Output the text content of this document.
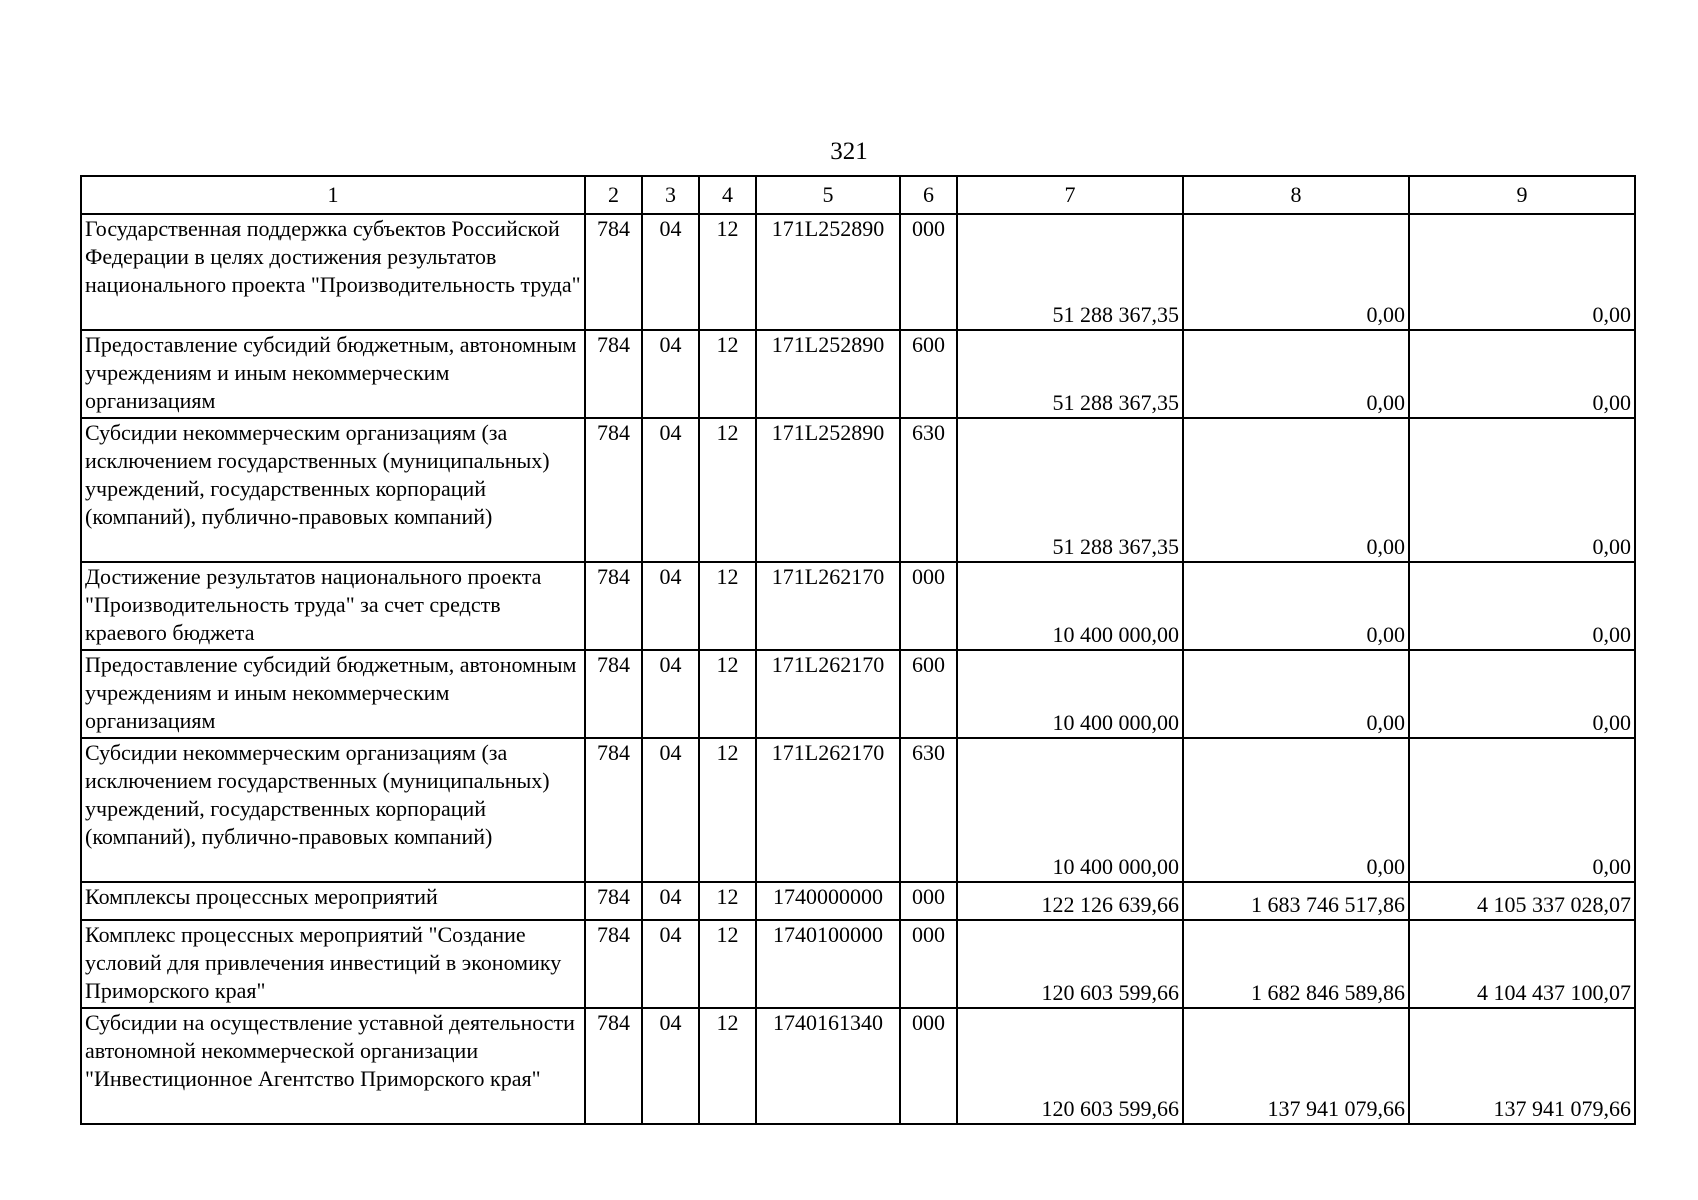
321
1	2	3	4	5	6	7	8	9
Государственная поддержка субъектов Российской Федерации в целях достижения результатов национального проекта "Производительность труда"	784	04	12	171L252890	000	51 288 367,35	0,00	0,00
Предоставление субсидий бюджетным, автономным учреждениям и иным некоммерческим организациям	784	04	12	171L252890	600	51 288 367,35	0,00	0,00
Субсидии некоммерческим организациям (за исключением государственных (муниципальных) учреждений, государственных корпораций (компаний), публично-правовых компаний)	784	04	12	171L252890	630	51 288 367,35	0,00	0,00
Достижение результатов национального проекта "Производительность труда" за счет средств краевого бюджета	784	04	12	171L262170	000	10 400 000,00	0,00	0,00
Предоставление субсидий бюджетным, автономным учреждениям и иным некоммерческим организациям	784	04	12	171L262170	600	10 400 000,00	0,00	0,00
Субсидии некоммерческим организациям (за исключением государственных (муниципальных) учреждений, государственных корпораций (компаний), публично-правовых компаний)	784	04	12	171L262170	630	10 400 000,00	0,00	0,00
Комплексы процессных мероприятий	784	04	12	1740000000	000	122 126 639,66	1 683 746 517,86	4 105 337 028,07
Комплекс процессных мероприятий "Создание условий для привлечения инвестиций в экономику Приморского края"	784	04	12	1740100000	000	120 603 599,66	1 682 846 589,86	4 104 437 100,07
Субсидии на осуществление уставной деятельности автономной некоммерческой организации "Инвестиционное Агентство Приморского края"	784	04	12	1740161340	000	120 603 599,66	137 941 079,66	137 941 079,66
